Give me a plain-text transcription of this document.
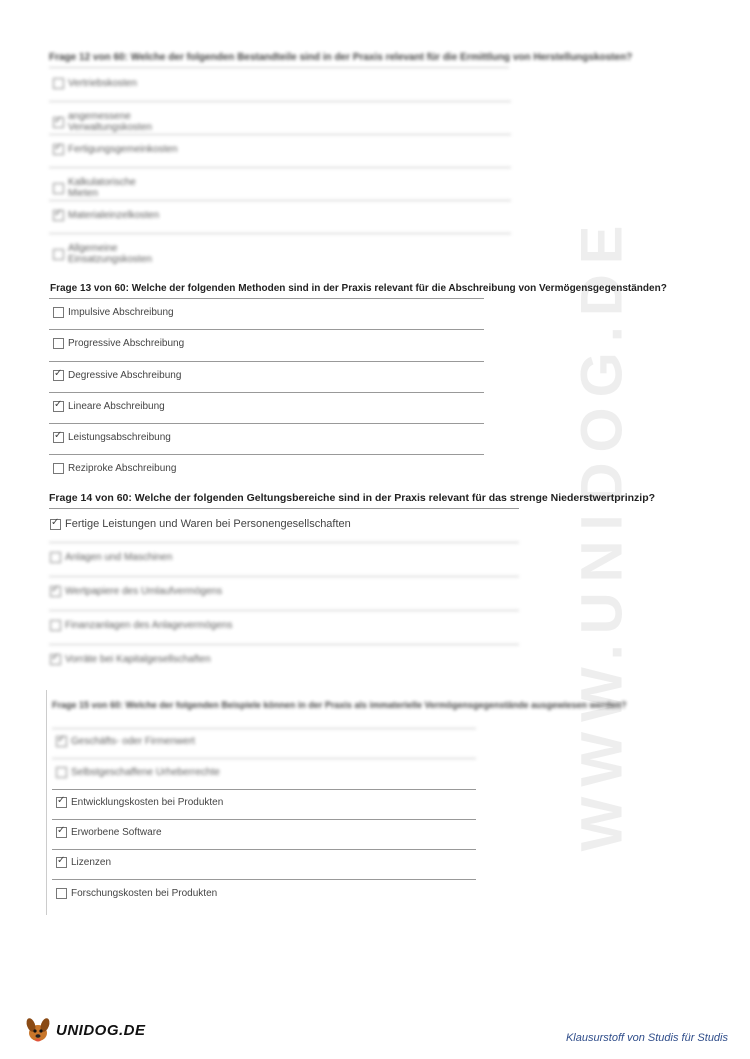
WWW.UNIDOG.DE
Frage 12 von 60: Welche der folgenden Bestandteile sind in der Praxis relevant für die Ermittlung von Herstellungskosten?
Vertriebskosten
✓
angemessene Verwaltungskosten
✓
Fertigungsgemeinkosten
Kalkulatorische Mieten
✓
Materialeinzelkosten
Allgemeine Einsatzungskosten
Frage 13 von 60: Welche der folgenden Methoden sind in der Praxis relevant für die Abschreibung von Vermögensgegenständen?
Impulsive Abschreibung
Progressive Abschreibung
✓
Degressive Abschreibung
✓
Lineare Abschreibung
✓
Leistungsabschreibung
Reziproke Abschreibung
Frage 14 von 60: Welche der folgenden Geltungsbereiche sind in der Praxis relevant für das strenge Niederstwertprinzip?
✓
Fertige Leistungen und Waren bei Personengesellschaften
Anlagen und Maschinen
✓
Wertpapiere des Umlaufvermögens
Finanzanlagen des Anlagevermögens
✓
Vorräte bei Kapitalgesellschaften
Frage 15 von 60: Welche der folgenden Beispiele können in der Praxis als immaterielle Vermögensgegenstände ausgewiesen werden?
✓
Geschäfts- oder Firmenwert
Selbstgeschaffene Urheberrechte
✓
Entwicklungskosten bei Produkten
✓
Erworbene Software
✓
Lizenzen
Forschungskosten bei Produkten
UNIDOG.DE	Klausurstoff von Studis für Studis
